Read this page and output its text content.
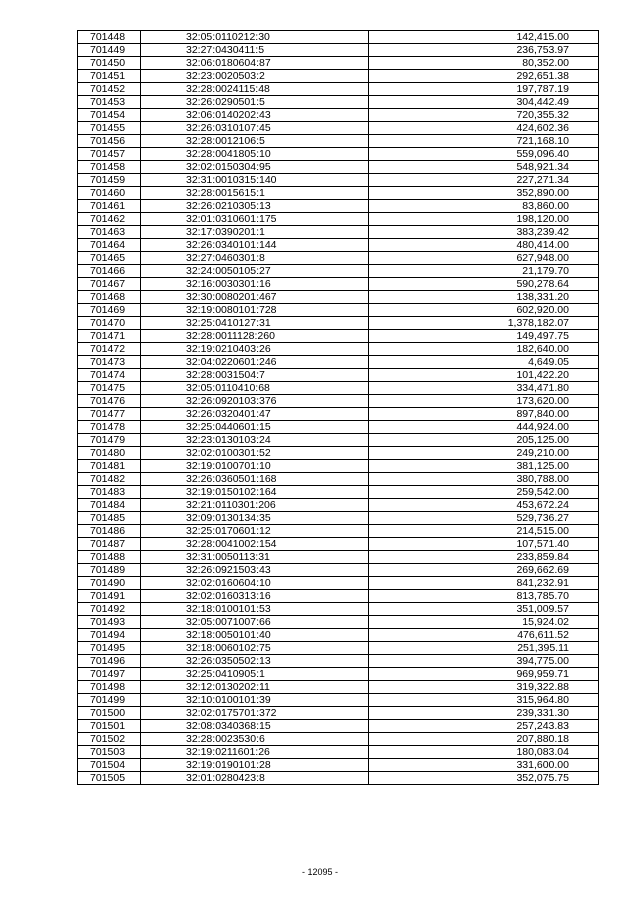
701448	32:05:0110212:30	142,415.00
701449	32:27:0430411:5	236,753.97
701450	32:06:0180604:87	80,352.00
701451	32:23:0020503:2	292,651.38
701452	32:28:0024115:48	197,787.19
701453	32:26:0290501:5	304,442.49
701454	32:06:0140202:43	720,355.32
701455	32:26:0310107:45	424,602.36
701456	32:28:0012106:5	721,168.10
701457	32:28:0041805:10	559,096.40
701458	32:02:0150304:95	548,921.34
701459	32:31:0010315:140	227,271.34
701460	32:28:0015615:1	352,890.00
701461	32:26:0210305:13	83,860.00
701462	32:01:0310601:175	198,120.00
701463	32:17:0390201:1	383,239.42
701464	32:26:0340101:144	480,414.00
701465	32:27:0460301:8	627,948.00
701466	32:24:0050105:27	21,179.70
701467	32:16:0030301:16	590,278.64
701468	32:30:0080201:467	138,331.20
701469	32:19:0080101:728	602,920.00
701470	32:25:0410127:31	1,378,182.07
701471	32:28:0011128:260	149,497.75
701472	32:19:0210403:26	182,640.00
701473	32:04:0220601:246	4,649.05
701474	32:28:0031504:7	101,422.20
701475	32:05:0110410:68	334,471.80
701476	32:26:0920103:376	173,620.00
701477	32:26:0320401:47	897,840.00
701478	32:25:0440601:15	444,924.00
701479	32:23:0130103:24	205,125.00
701480	32:02:0100301:52	249,210.00
701481	32:19:0100701:10	381,125.00
701482	32:26:0360501:168	380,788.00
701483	32:19:0150102:164	259,542.00
701484	32:21:0110301:206	453,672.24
701485	32:09:0130134:35	529,736.27
701486	32:25:0170601:12	214,515.00
701487	32:28:0041002:154	107,571.40
701488	32:31:0050113:31	233,859.84
701489	32:26:0921503:43	269,662.69
701490	32:02:0160604:10	841,232.91
701491	32:02:0160313:16	813,785.70
701492	32:18:0100101:53	351,009.57
701493	32:05:0071007:66	15,924.02
701494	32:18:0050101:40	476,611.52
701495	32:18:0060102:75	251,395.11
701496	32:26:0350502:13	394,775.00
701497	32:25:0410905:1	969,959.71
701498	32:12:0130202:11	319,322.88
701499	32:10:0100101:39	315,964.80
701500	32:02:0175701:372	239,331.30
701501	32:08:0340368:15	257,243.83
701502	32:28:0023530:6	207,880.18
701503	32:19:0211601:26	180,083.04
701504	32:19:0190101:28	331,600.00
701505	32:01:0280423:8	352,075.75
- 12095 -
